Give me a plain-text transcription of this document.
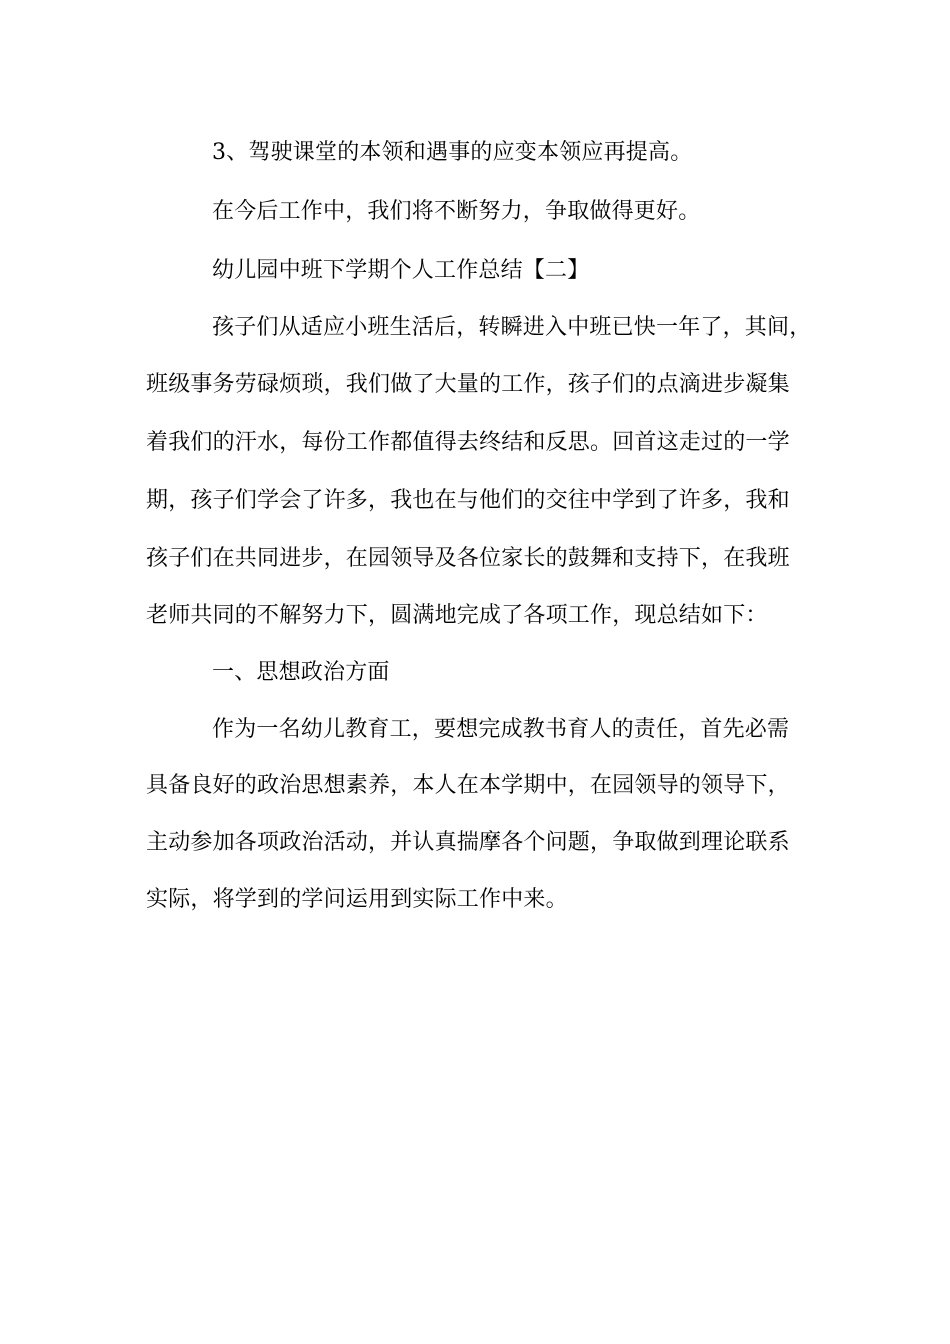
3、驾驶课堂的本领和遇事的应变本领应再提高。

在今后工作中，我们将不断努力，争取做得更好。

幼儿园中班下学期个人工作总结【二】

孩子们从适应小班生活后，转瞬进入中班已快一年了，其间，

班级事务劳碌烦琐，我们做了大量的工作，孩子们的点滴进步凝集

着我们的汗水，每份工作都值得去终结和反思。回首这走过的一学

期，孩子们学会了许多，我也在与他们的交往中学到了许多，我和

孩子们在共同进步，在园领导及各位家长的鼓舞和支持下，在我班

老师共同的不解努力下，圆满地完成了各项工作，现总结如下：

一、思想政治方面

作为一名幼儿教育工，要想完成教书育人的责任，首先必需

具备良好的政治思想素养，本人在本学期中，在园领导的领导下，

主动参加各项政治活动，并认真揣摩各个问题，争取做到理论联系

实际，将学到的学问运用到实际工作中来。
